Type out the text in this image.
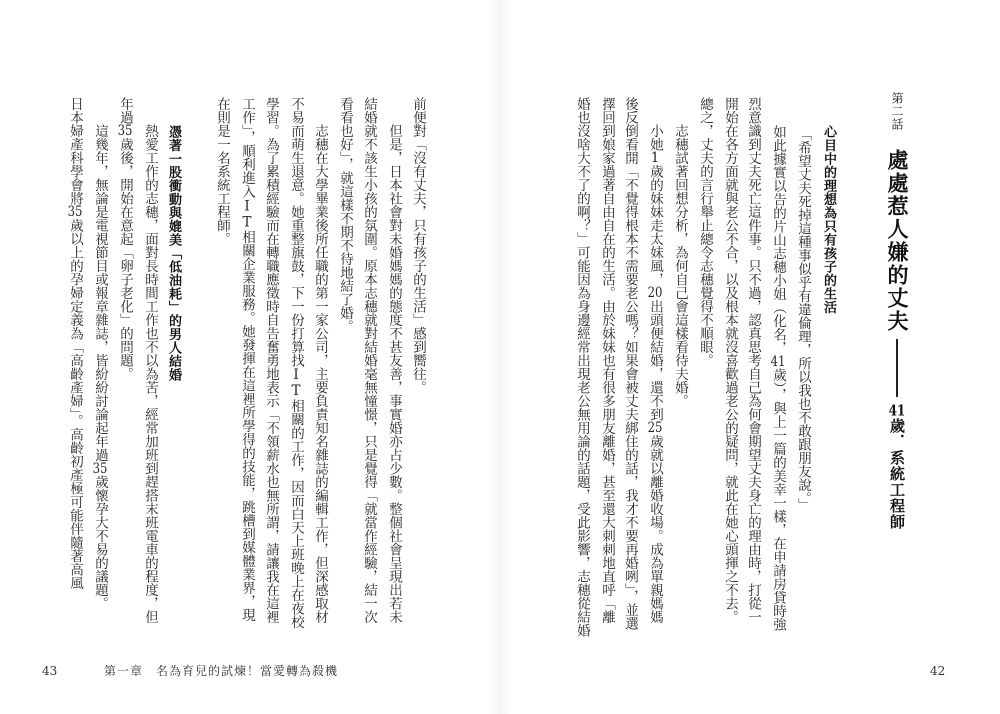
第二話處處惹人嫌的丈夫41歲．系統工程師
心目中的理想為只有孩子的生活
「希望丈夫死掉這種事似乎有違倫理，所以我也不敢跟朋友說。」
如此據實以告的片山志穗小姐（化名，41歲），與上一篇的美幸一樣，在申請房貸時強
烈意識到丈夫死亡這件事。只不過，認真思考自己為何會期望丈夫身亡的理由時，打從一
開始在各方面就與老公不合，以及根本就沒喜歡過老公的疑問，就此在她心頭揮之不去。
總之，丈夫的言行舉止總令志穗覺得不順眼。
志穗試著回想分析，為何自己會這樣看待夫婚。
小她1歲的妹妹走太妹風，20出頭便結婚，還不到25歲就以離婚收場。成為單親媽媽
後反倒看開「不覺得根本不需要老公嗎？如果會被丈夫綁住的話，我才不要再婚咧」，並選
擇回到娘家過著自由自在的生活。由於妹妹也有很多朋友離婚，甚至還大刺刺地直呼「離
婚也沒啥大不了的啊？」可能因為身邊經常出現老公無用論的話題，受此影響，志穗從結婚
42
前便對「沒有丈夫，只有孩子的生活」感到嚮往。
但是，日本社會對未婚媽媽的態度不甚友善，事實婚亦占少數。整個社會呈現出若未
結婚就不該生小孩的氛圍。原本志穗就對結婚毫無憧憬，只是覺得「就當作經驗，結一次
看看也好」，就這樣不期不待地結了婚。
志穗在大學畢業後所任職的第一家公司，主要負責知名雜誌的編輯工作，但深感取材
不易而萌生退意。她重整旗鼓，下一份打算找IT相關的工作，因而白天上班晚上在夜校
學習。為了累積經驗而在轉職應徵時自告奮勇地表示「不領薪水也無所謂，請讓我在這裡
工作」，順利進入IT相關企業服務。她發揮在這裡所學得的技能，跳槽到媒體業界，現
在則是一名系統工程師。
憑著一股衝動與媲美「低油耗」的男人結婚
熱愛工作的志穗，面對長時間工作也不以為苦，經常加班到趕搭末班電車的程度，但
年過35歲後，開始在意起「卵子老化」的問題。
這幾年，無論是電視節目或報章雜誌，皆紛紛討論起年過35歲懷孕大不易的議題。
日本婦產科學會將35歲以上的孕婦定義為「高齡產婦」。高齡初產極可能伴隨著高風
43	第一章　名為育兒的試煉！當愛轉為殺機
